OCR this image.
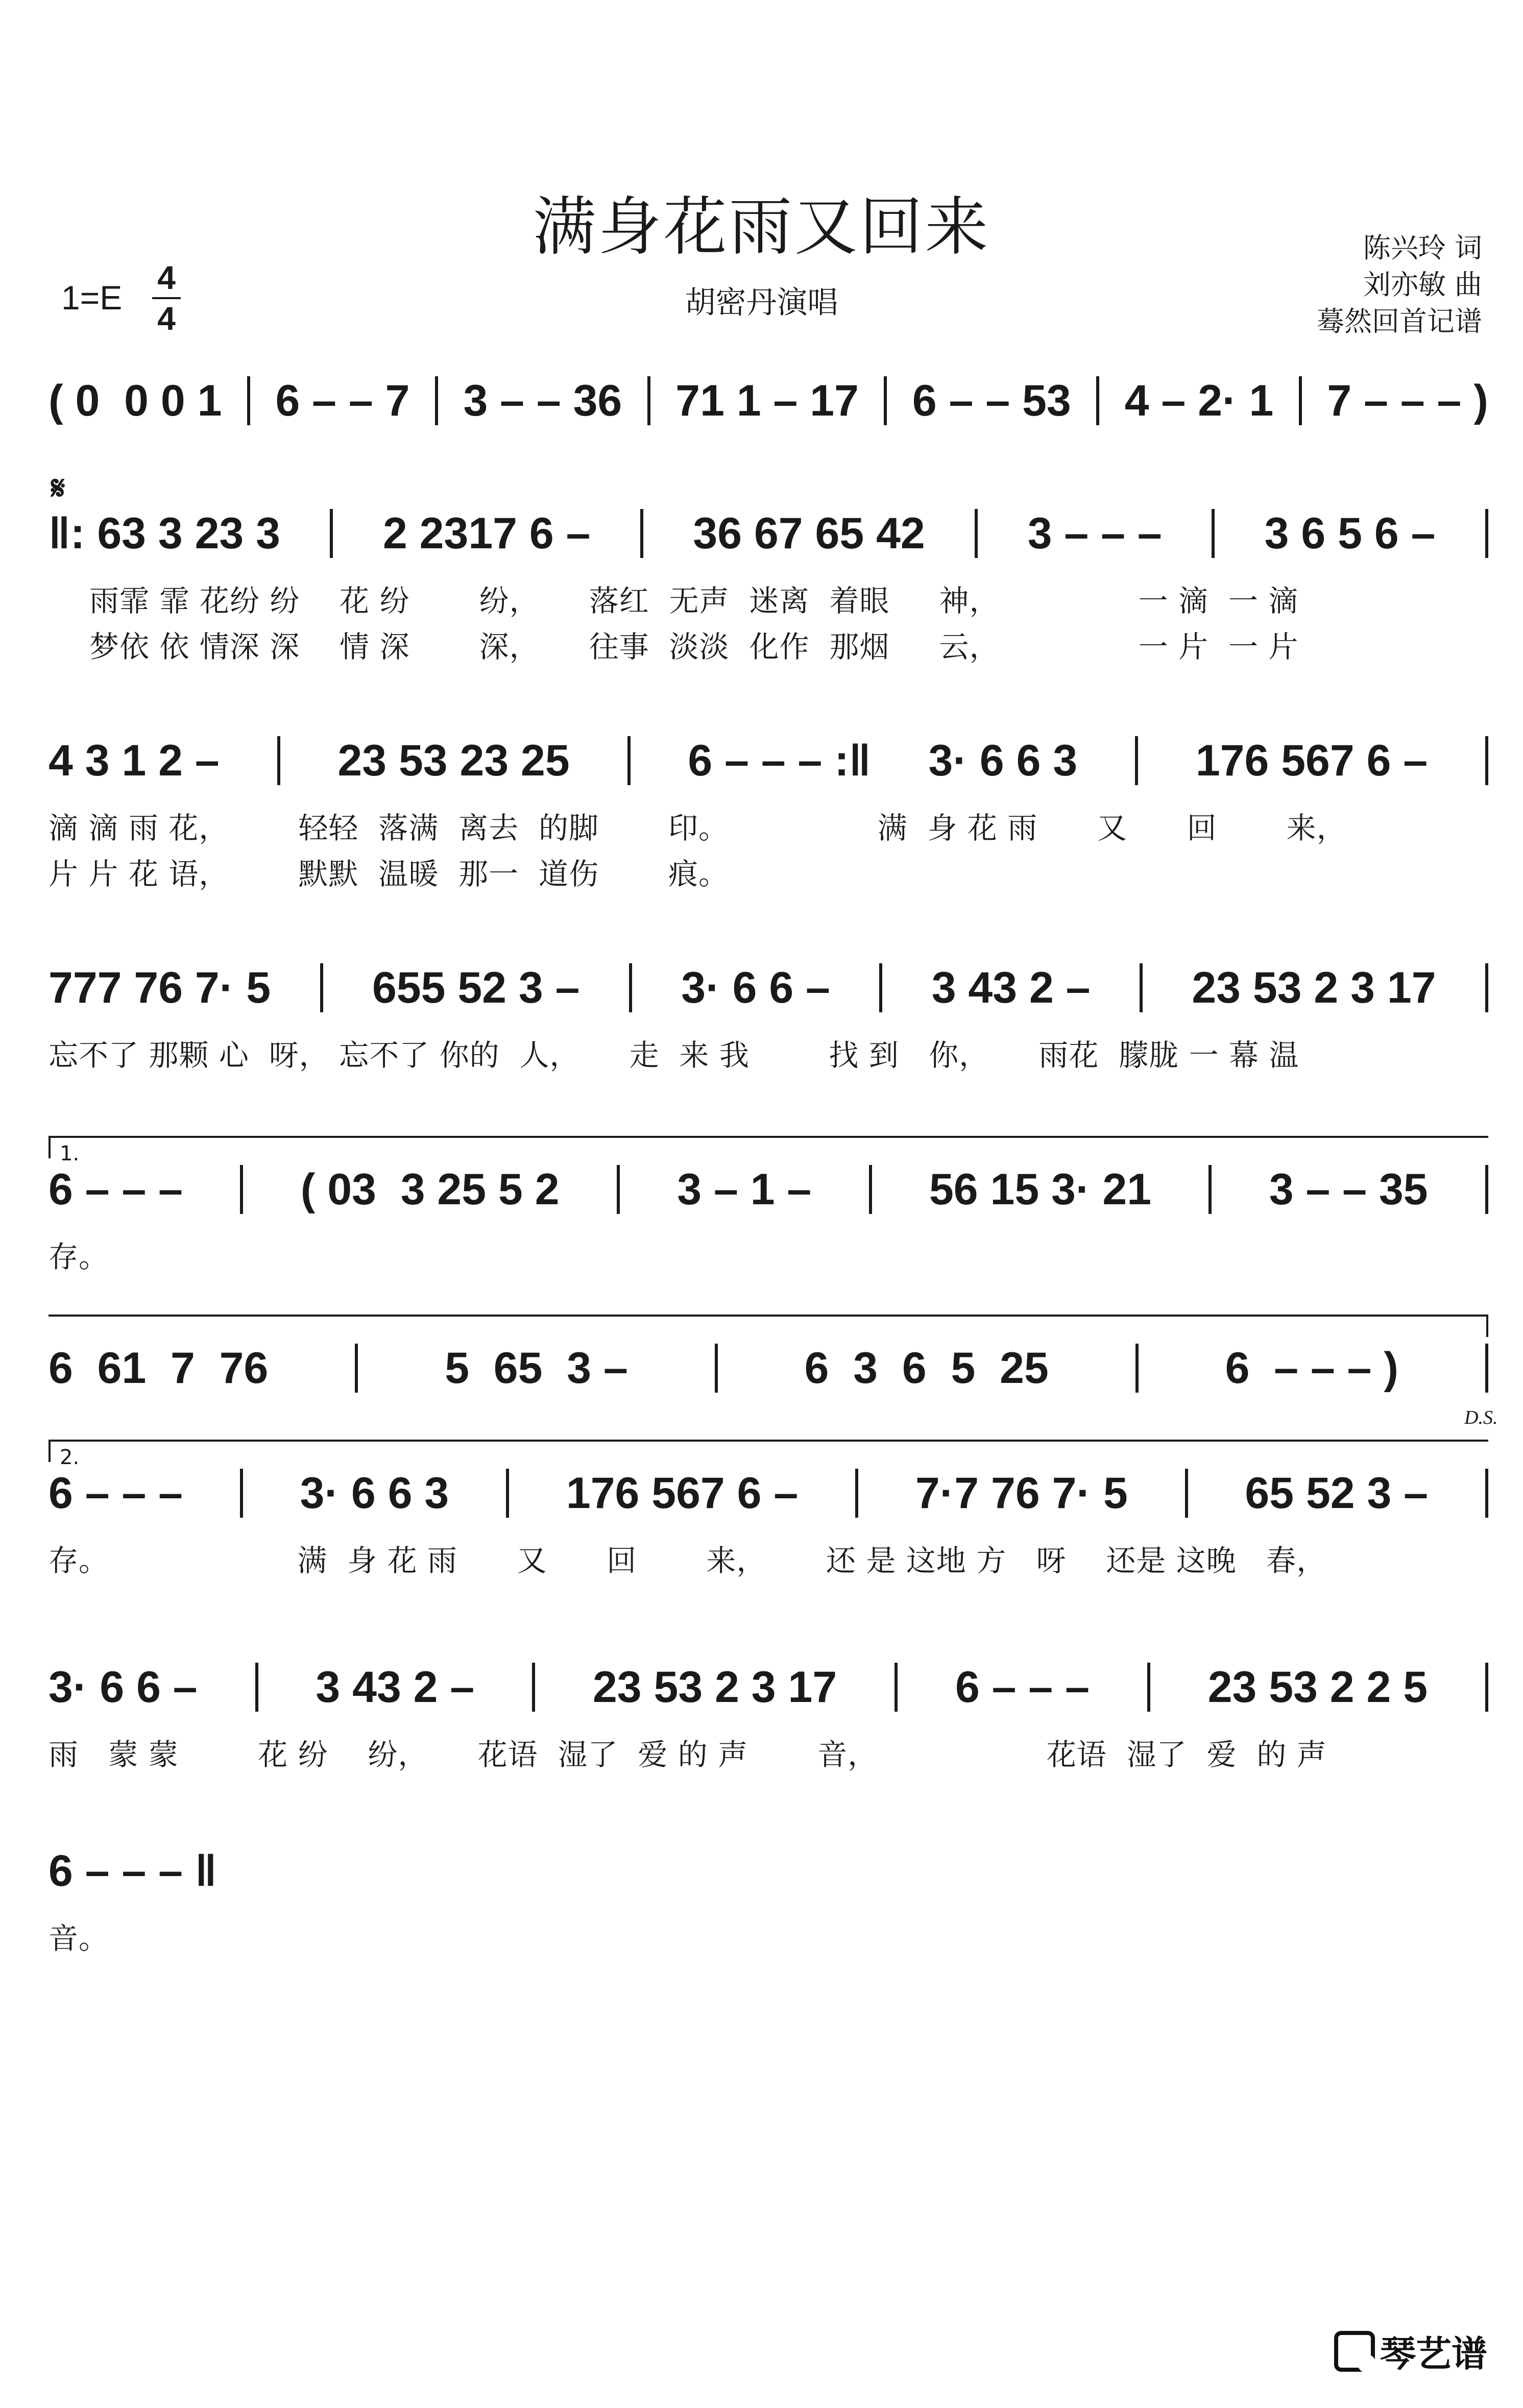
满身花雨又回来
胡密丹演唱
1=E
4
4
陈兴玲 词
刘亦敏 曲
蓦然回首记谱
( 0  0 0 1 6 – – 7 3 – – 36 71 1 – 17 6 – – 53 4 – 2· 1 7 – – – )
𝄋
‖: 63 3 23 3 2 2317 6 – 36 67 65 42 3 – – – 3 6 5 6 –
雨霏 霏 花纷 纷    花 纷       纷，     落红  无声  迷离  着眼     神，              一 滴  一 滴
梦依 依 情深 深    情 深       深，     往事  淡淡  化作  那烟     云，              一 片  一 片
4 3 1 2 –	23 53 23 25	6 – – – :‖ 3· 6 6 3	176 567 6 –
滴 滴 雨 花，       轻轻  落满  离去  的脚       印。               满  身 花 雨      又      回       来，
片 片 花 语，       默默  温暖  那一  道伤       痕。
777 76 7· 5 655 52 3 – 3· 6 6 – 3 43 2 – 23 53 2 3 17
忘不了 那颗 心  呀， 忘不了 你的  人，     走  来 我        找 到   你，     雨花  朦胧 一 幕 温
1.
6 – – –	( 03  3 25 5 2	3 – 1 –	56 15 3· 21	3 – – 35
存。
6  61  7  76	5  65  3 –	6  3  6  5  25	6  – – – )
D.S.
2.
6 – – –	3· 6 6 3	176 567 6 –	7·7 76 7· 5	65 52 3 –
存。                   满  身 花 雨      又      回       来，      还 是 这地 方   呀    还是 这晚   春，
3· 6 6 –	3 43 2 –	23 53 2 3 17	6 – – –	23 53 2 2 5
雨   蒙 蒙        花 纷    纷，     花语  湿了  爱 的 声       音，                 花语  湿了  爱  的 声
6 – – – ‖
音。
琴艺谱
